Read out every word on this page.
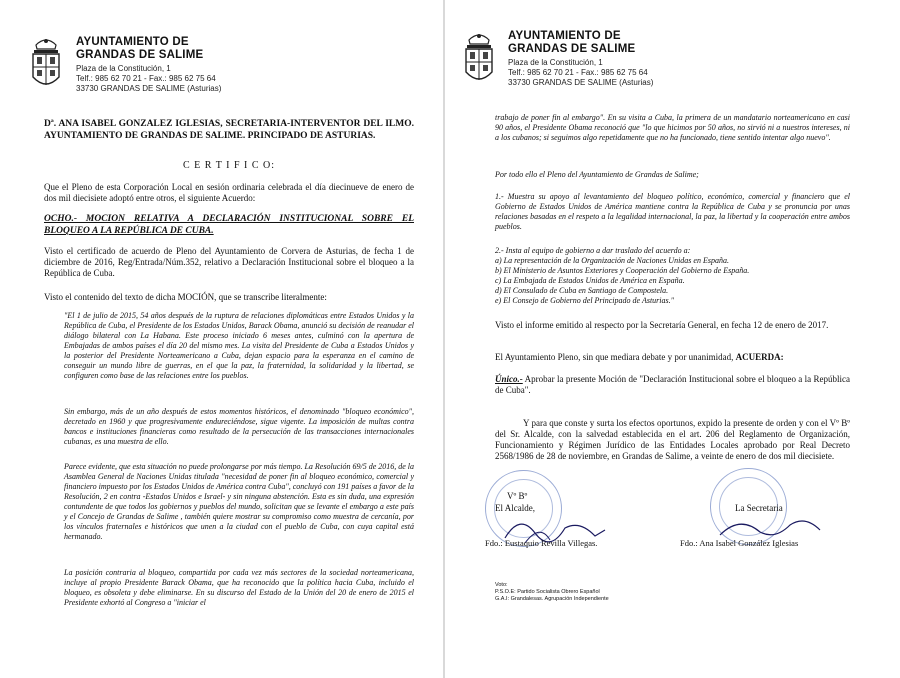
AYUNTAMIENTO DE
GRANDAS DE SALIME
Plaza de la Constitución, 1
Telf.: 985 62 70 21 - Fax.: 985 62 75 64
33730 GRANDAS DE SALIME (Asturias)
Dª. ANA ISABEL GONZALEZ IGLESIAS, SECRETARIA-INTERVENTOR DEL ILMO. AYUNTAMIENTO DE GRANDAS DE SALIME. PRINCIPADO DE ASTURIAS.
C E R T I F I C O:
Que el Pleno de esta Corporación Local en sesión ordinaria celebrada el día diecinueve de enero de dos mil diecisiete adoptó entre otros, el siguiente Acuerdo:
OCHO.- MOCION RELATIVA A DECLARACIÓN INSTITUCIONAL SOBRE EL BLOQUEO A LA REPÚBLICA DE CUBA.
Visto el certificado de acuerdo de Pleno del Ayuntamiento de Corvera de Asturias, de fecha 1 de diciembre de 2016, Reg/Entrada/Núm.352, relativo a Declaración Institucional sobre el bloqueo a la República de Cuba.
Visto el contenido del texto de dicha MOCIÓN, que se transcribe literalmente:
"El 1 de julio de 2015, 54 años después de la ruptura de relaciones diplomáticas entre Estados Unidos y la República de Cuba, el Presidente de los Estados Unidos, Barack Obama, anunció su decisión de reanudar el diálogo bilateral con La Habana. Este proceso iniciado 6 meses antes, culminó con la apertura de Embajadas de ambos países el día 20 del mismo mes. La visita del Presidente de Cuba a Estados Unidos y la posterior del Presidente Norteamericano a Cuba, dejan espacio para la esperanza en el camino de conseguir un mundo libre de guerras, en el que la paz, la fraternidad, la solidaridad y la libertad, se configuren como base de las relaciones entre los pueblos.
Sin embargo, más de un año después de estos momentos históricos, el denominado "bloqueo económico", decretado en 1960 y que progresivamente endureciéndose, sigue vigente. La imposición de multas contra bancos e instituciones financieras como resultado de la persecución de las transacciones internacionales cubanas, es una muestra de ello.
Parece evidente, que esta situación no puede prolongarse por más tiempo. La Resolución 69/5 de 2016, de la Asamblea General de Naciones Unidas titulada "necesidad de poner fin al bloqueo económico, comercial y financiero impuesto por los Estados Unidos de América contra Cuba", concluyó con 191 países a favor de la Resolución, 2 en contra -Estados Unidos e Israel- y sin ninguna abstención. Esta es sin duda, una expresión contundente de que todos los gobiernos y pueblos del mundo, solicitan que se levante el embargo a este país y el Concejo de Grandas de Salime , también quiere mostrar su compromiso como muestra de cercanía, por los vínculos fraternales e históricos que unen a la ciudad con el pueblo de Cuba, con cuya capital está hermanado.
La posición contraria al bloqueo, compartida por cada vez más sectores de la sociedad norteamericana, incluye al propio Presidente Barack Obama, que ha reconocido que la política hacia Cuba, incluido el bloqueo, es obsoleta y debe eliminarse. En su discurso del Estado de la Unión del 20 de enero de 2015 el Presidente exhortó al Congreso a "iniciar el
AYUNTAMIENTO DE
GRANDAS DE SALIME
Plaza de la Constitución, 1
Telf.: 985 62 70 21 - Fax.: 985 62 75 64
33730 GRANDAS DE SALIME (Asturias)
trabajo de poner fin al embargo". En su visita a Cuba, la primera de un mandatario norteamericano en casi 90 años, el Presidente Obama reconoció que "lo que hicimos por 50 años, no sirvió ni a nuestros intereses, ni a los cubanos; si seguimos algo repetidamente que no ha funcionado, tiene sentido intentar algo nuevo".
Por todo ello el Pleno del Ayuntamiento de Grandas de Salime;
1.- Muestra su apoyo al levantamiento del bloqueo político, económico, comercial y financiero que el Gobierno de Estados Unidos de América mantiene contra la República de Cuba y se pronuncia por unas relaciones basadas en el respeto a la legalidad internacional, la paz, la libertad y la cooperación entre ambos pueblos.
2.- Insta al equipo de gobierno a dar traslado del acuerdo a:
a) La representación de la Organización de Naciones Unidas en España.
b) El Ministerio de Asuntos Exteriores y Cooperación del Gobierno de España.
c) La Embajada de Estados Unidos de América en España.
d) El Consulado de Cuba en Santiago de Compostela.
e) El Consejo de Gobierno del Principado de Asturias."
Visto el informe emitido al respecto por la Secretaría General, en fecha 12 de enero de 2017.
El Ayuntamiento Pleno, sin que mediara debate y por unanimidad, ACUERDA:
Único.- Aprobar la presente Moción de "Declaración Institucional sobre el bloqueo a la República de Cuba".
Y para que conste y surta los efectos oportunos, expido la presente de orden y con el Vº Bº del Sr. Alcalde, con la salvedad establecida en el art. 206 del Reglamento de Organización, Funcionamiento y Régimen Jurídico de las Entidades Locales aprobado por Real Decreto 2568/1986 de 28 de noviembre, en Grandas de Salime, a veinte de enero de dos mil diecisiete.
Vº Bº
El Alcalde,	La Secretaria
Fdo.: Eustaquio Revilla Villegas.	Fdo.: Ana Isabel González Iglesias
Voto:
P.S.O.E: Partido Socialista Obrero Español
G.A.I: Grandalesas. Agrupación Independiente
